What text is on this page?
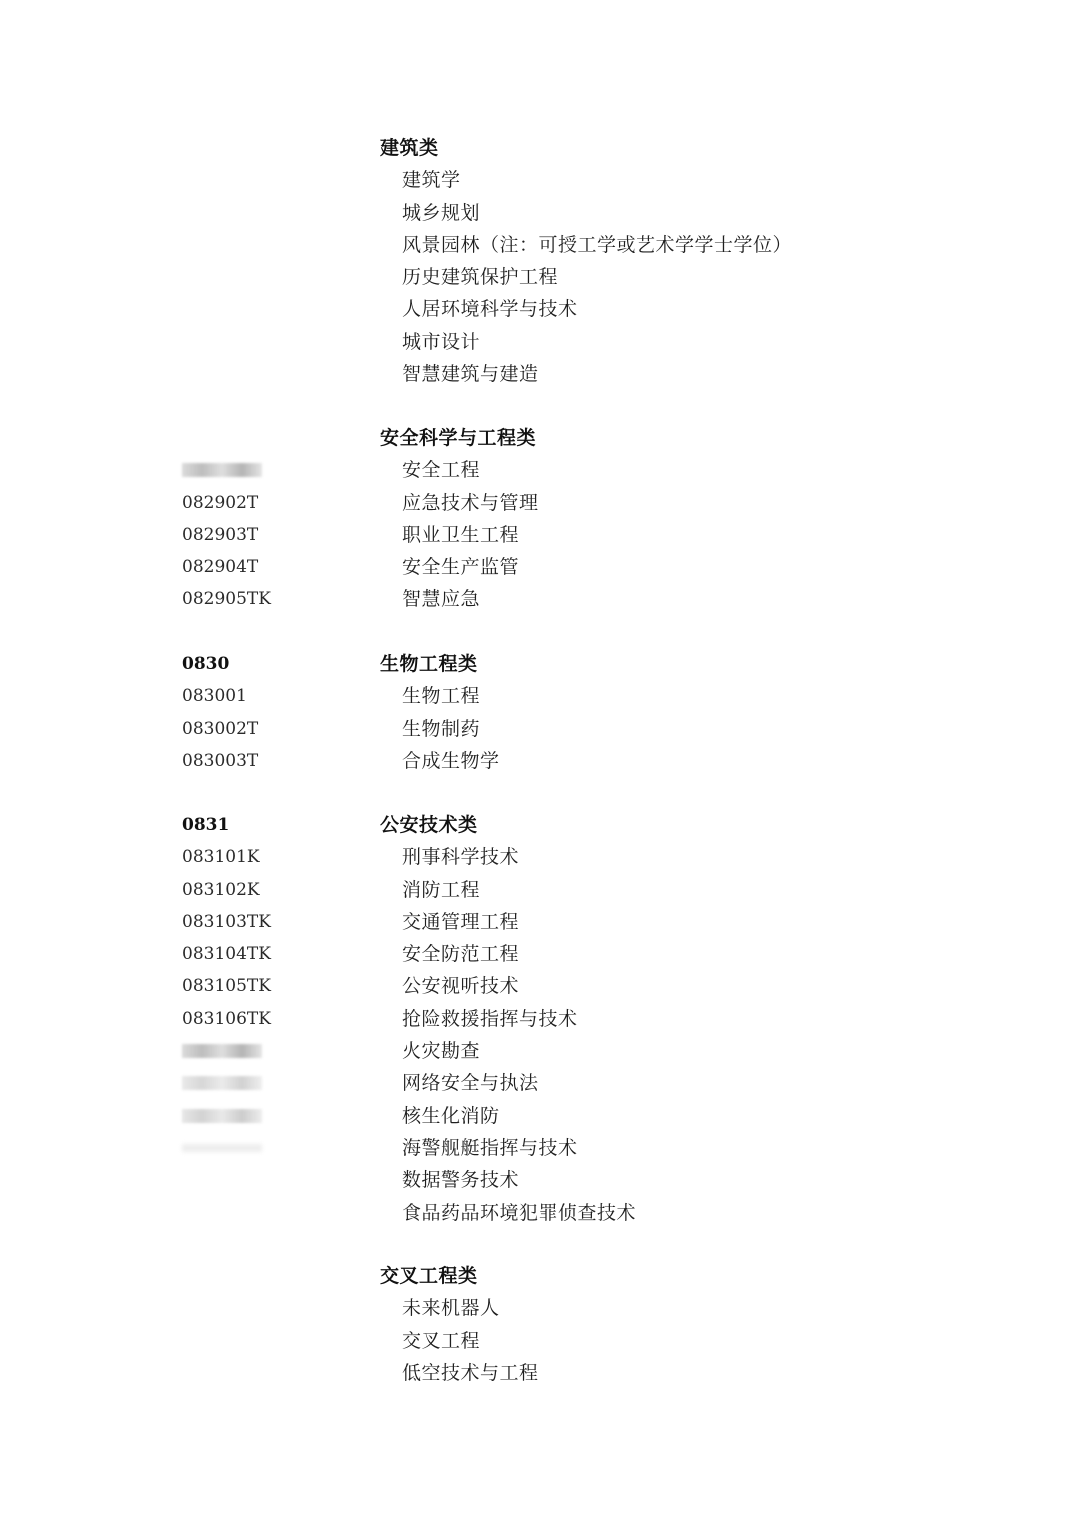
建筑类
建筑学
城乡规划
风景园林（注：可授工学或艺术学学士学位）
历史建筑保护工程
人居环境科学与技术
城市设计
智慧建筑与建造
安全科学与工程类
安全工程
082902T	应急技术与管理
082903T	职业卫生工程
082904T	安全生产监管
082905TK	智慧应急
0830	生物工程类
083001	生物工程
083002T	生物制药
083003T	合成生物学
0831	公安技术类
083101K	刑事科学技术
083102K	消防工程
083103TK	交通管理工程
083104TK	安全防范工程
083105TK	公安视听技术
083106TK	抢险救援指挥与技术
火灾勘查
网络安全与执法
核生化消防
海警舰艇指挥与技术
数据警务技术
食品药品环境犯罪侦查技术
交叉工程类
未来机器人
交叉工程
低空技术与工程
